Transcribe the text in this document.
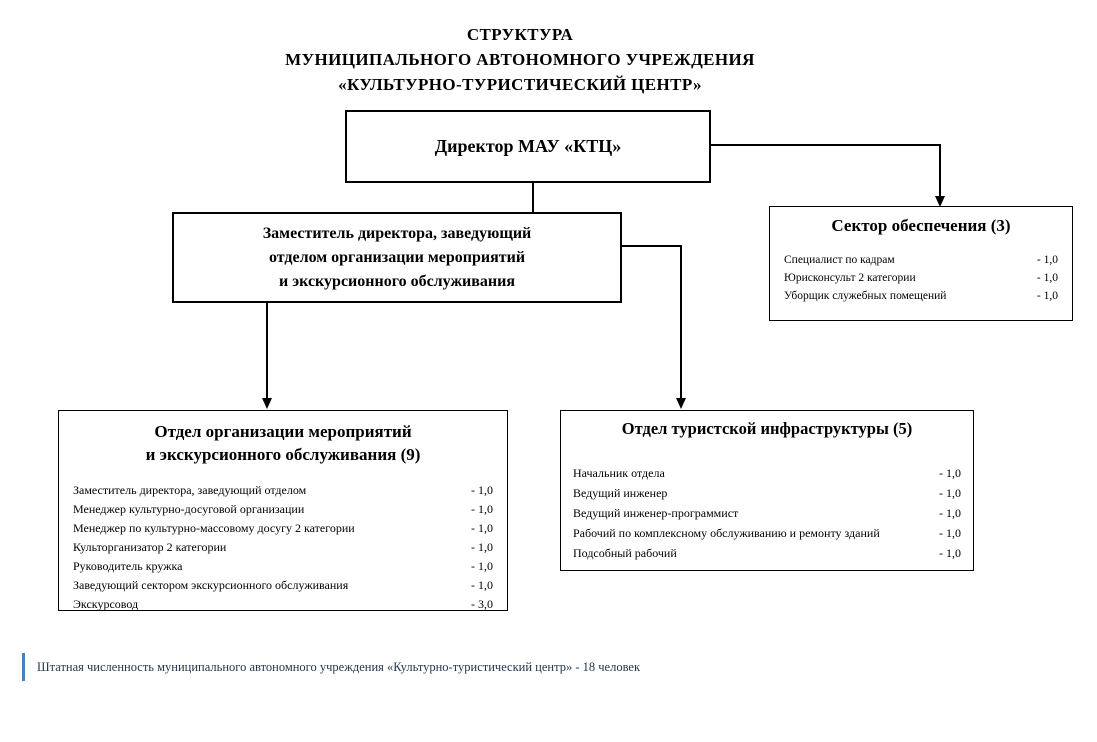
СТРУКТУРА
МУНИЦИПАЛЬНОГО АВТОНОМНОГО УЧРЕЖДЕНИЯ
«КУЛЬТУРНО-ТУРИСТИЧЕСКИЙ ЦЕНТР»
Директор МАУ «КТЦ»
Заместитель директора, заведующий
отделом организации мероприятий
и экскурсионного обслуживания
Сектор обеспечения (3)
Специалист по кадрам	- 1,0
Юрисконсульт 2 категории	- 1,0
Уборщик служебных помещений	- 1,0
Отдел организации мероприятий
и экскурсионного обслуживания (9)
Заместитель директора, заведующий отделом	- 1,0
Менеджер культурно-досуговой организации	- 1,0
Менеджер по культурно-массовому досугу 2 категории	- 1,0
Культорганизатор 2 категории	- 1,0
Руководитель кружка	- 1,0
Заведующий сектором экскурсионного обслуживания	- 1,0
Экскурсовод	- 3,0
Отдел туристской инфраструктуры (5)
Начальник отдела	- 1,0
Ведущий инженер	- 1,0
Ведущий инженер-программист	- 1,0
Рабочий по комплексному обслуживанию и ремонту зданий	- 1,0
Подсобный рабочий	- 1,0
Штатная численность муниципального автономного учреждения «Культурно-туристический центр» - 18 человек
